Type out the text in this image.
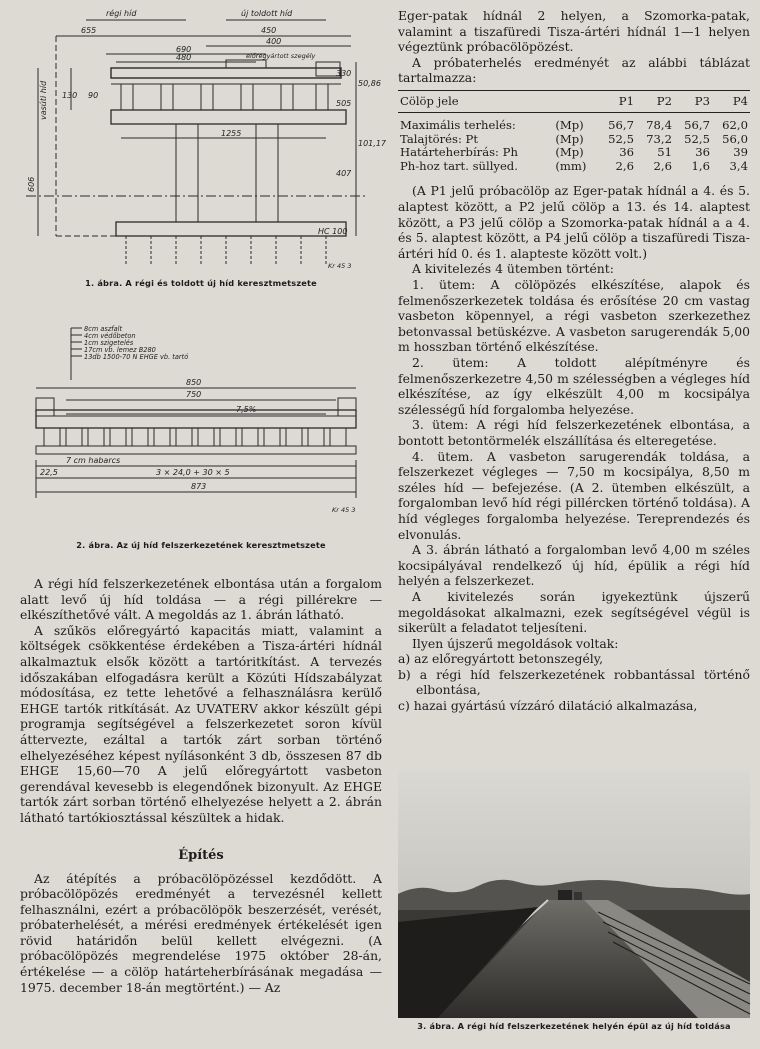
régi híd	új toldott híd
655	450
400
690
480
1255
606
130 90
505
407
330
50,86
101,17
HC 100
vasúti híd
előregyártott szegély
Kr 45 3
1. ábra. A régi és toldott új híd keresztmetszete
8cm aszfalt
4cm védőbeton
1cm szigetelés
17cm vb. lemez B280
13db 1500-70 N EHGE vb. tartó
850
750
7,5%
7 cm habarcs
22,5	3 × 24,0 + 30 × 5
873
Kr 45 3
2. ábra. Az új híd felszerkezetének keresztmetszete

A régi híd felszerkezetének elbontása után a forgalom alatt levő új híd toldása — a régi pillérekre — elkészíthetővé vált. A megoldás az 1. ábrán látható.

A szűkös előregyártó kapacitás miatt, valamint a költségek csökkentése érdekében a Tisza-ártéri hídnál alkalmaztuk elsők között a tartóritkítást. A tervezés időszakában elfogadásra került a Közúti Hídszabályzat módosítása, ez tette lehetővé a felhasználásra kerülő EHGE tartók ritkítását. Az UVATERV akkor készült gépi programja segítségével a felszerkezetet soron kívül áttervezte, ezáltal a tartók zárt sorban történő elhelyezéséhez képest nyílásonként 3 db, összesen 87 db EHGE 15,60—70 A jelű előregyártott vasbeton gerendával kevesebb is elegendőnek bizonyult. Az EHGE tartók zárt sorban történő elhelyezése helyett a 2. ábrán látható tartókiosztással készültek a hidak.

Építés

Az átépítés a próbacölöpözéssel kezdődött. A próbacölöpözés eredményét a tervezésnél kellett felhasználni, ezért a próbacölöpök beszerzését, verését, próbaterhelését, a mérési eredmények értékelését igen rövid határidőn belül kellett elvégezni. (A próbacölöpözés megrendelése 1975 október 28-án, értékelése — a cölöp határteherbírásának megadása — 1975. december 18-án megtörtént.) — Az

Eger-patak hídnál 2 helyen, a Szomorka-patak, valamint a tiszafüredi Tisza-ártéri hídnál 1—1 helyen végeztünk próbacölöpözést.

A próbaterhelés eredményét az alábbi táblázat tartalmazza:

Cölöp jele		P1	P2	P3	P4
Maximális terhelés:	(Mp)	56,7	78,4	56,7	62,0
Talajtörés: Pt	(Mp)	52,5	73,2	52,5	56,0
Határteherbírás: Ph	(Mp)	36	51	36	39
Ph-hoz tart. süllyed.	(mm)	2,6	2,6	1,6	3,4

(A P1 jelű próbacölöp az Eger-patak hídnál a 4. és 5. alaptest között, a P2 jelű cölöp a 13. és 14. alaptest között, a P3 jelű cölöp a Szomorka-patak hídnál a a 4. és 5. alaptest között, a P4 jelű cölöp a tiszafüredi Tisza-ártéri híd 0. és 1. alapteste között volt.)

A kivitelezés 4 ütemben történt:

1. ütem: A cölöpözés elkészítése, alapok és felmenőszerkezetek toldása és erősítése 20 cm vastag vasbeton köpennyel, a régi vasbeton szerkezethez betonvassal betüskézve. A vasbeton sarugerendák 5,00 m hosszban történő elkészítése.

2. ütem: A toldott alépítményre és felmenőszerkezetre 4,50 m szélességben a végleges híd elkészítése, az így elkészült 4,00 m kocsipálya szélességű híd forgalomba helyezése.

3. ütem: A régi híd felszerkezetének elbontása, a bontott betontörmelék elszállítása és elteregetése.

4. ütem. A vasbeton sarugerendák toldása, a felszerkezet végleges — 7,50 m kocsipálya, 8,50 m széles híd — befejezése. (A 2. ütemben elkészült, a forgalomban levő híd régi pillércken történő toldása). A híd végleges forgalomba helyezése. Tereprendezés és elvonulás.

A 3. ábrán látható a forgalomban levő 4,00 m széles kocsipályával rendelkező új híd, épülik a régi híd helyén a felszerkezet.

A kivitelezés során igyekeztünk újszerű megoldásokat alkalmazni, ezek segítségével végül is sikerült a feladatot teljesíteni.

Ilyen újszerű megoldások voltak:

a) az előregyártott betonszegély,
b) a régi híd felszerkezetének robbantással történő elbontása,
c) hazai gyártású vízzáró dilatáció alkalmazása,
3. ábra. A régi híd felszerkezetének helyén épül az új híd toldása
